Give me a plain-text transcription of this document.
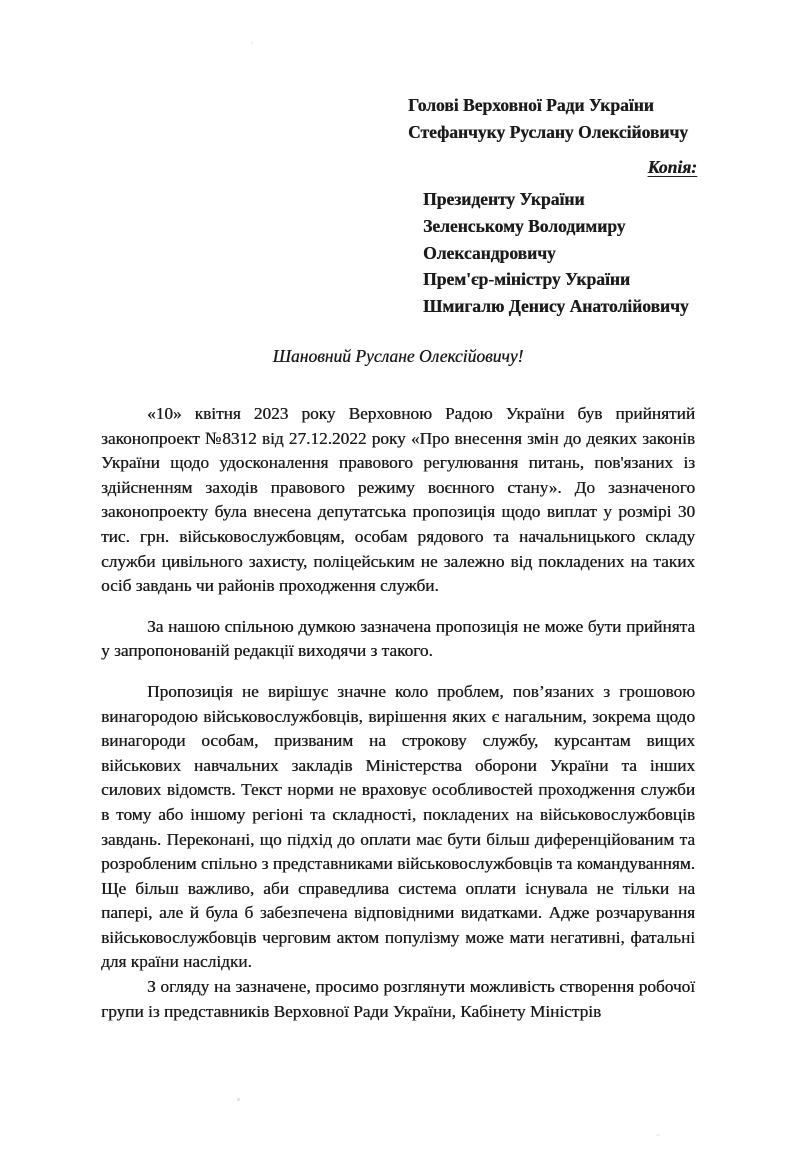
Голові Верховної Ради України
Стефанчуку Руслану Олексійовичу
Копія:
Президенту України
Зеленському Володимиру
Олександровичу
Прем'єр-міністру України
Шмигалю Денису Анатолійовичу
Шановний Руслане Олексійовичу!

«10» квітня 2023 року Верховною Радою України був прийнятий законопроект №8312 від 27.12.2022 року «Про внесення змін до деяких законів України щодо удосконалення правового регулювання питань, пов'язаних із здійсненням заходів правового режиму воєнного стану». До зазначеного законопроекту була внесена депутатська пропозиція щодо виплат у розмірі 30 тис. грн. військовослужбовцям, особам рядового та начальницького складу служби цивільного захисту, поліцейським не залежно від покладених на таких осіб завдань чи районів проходження служби.

За нашою спільною думкою зазначена пропозиція не може бути прийнята у запропонованій редакції виходячи з такого.

Пропозиція не вирішує значне коло проблем, пов’язаних з грошовою винагородою військовослужбовців, вирішення яких є нагальним, зокрема щодо винагороди особам, призваним на строкову службу, курсантам вищих військових навчальних закладів Міністерства оборони України та інших силових відомств. Текст норми не враховує особливостей проходження служби в тому або іншому регіоні та складності, покладених на військовослужбовців завдань. Переконані, що підхід до оплати має бути більш диференційованим та розробленим спільно з представниками військовослужбовців та командуванням. Ще більш важливо, аби справедлива система оплати існувала не тільки на папері, але й була б забезпечена відповідними видатками. Адже розчарування військовослужбовців черговим актом популізму може мати негативні, фатальні для країни наслідки.

З огляду на зазначене, просимо розглянути можливість створення робочої групи із представників Верховної Ради України, Кабінету Міністрів
